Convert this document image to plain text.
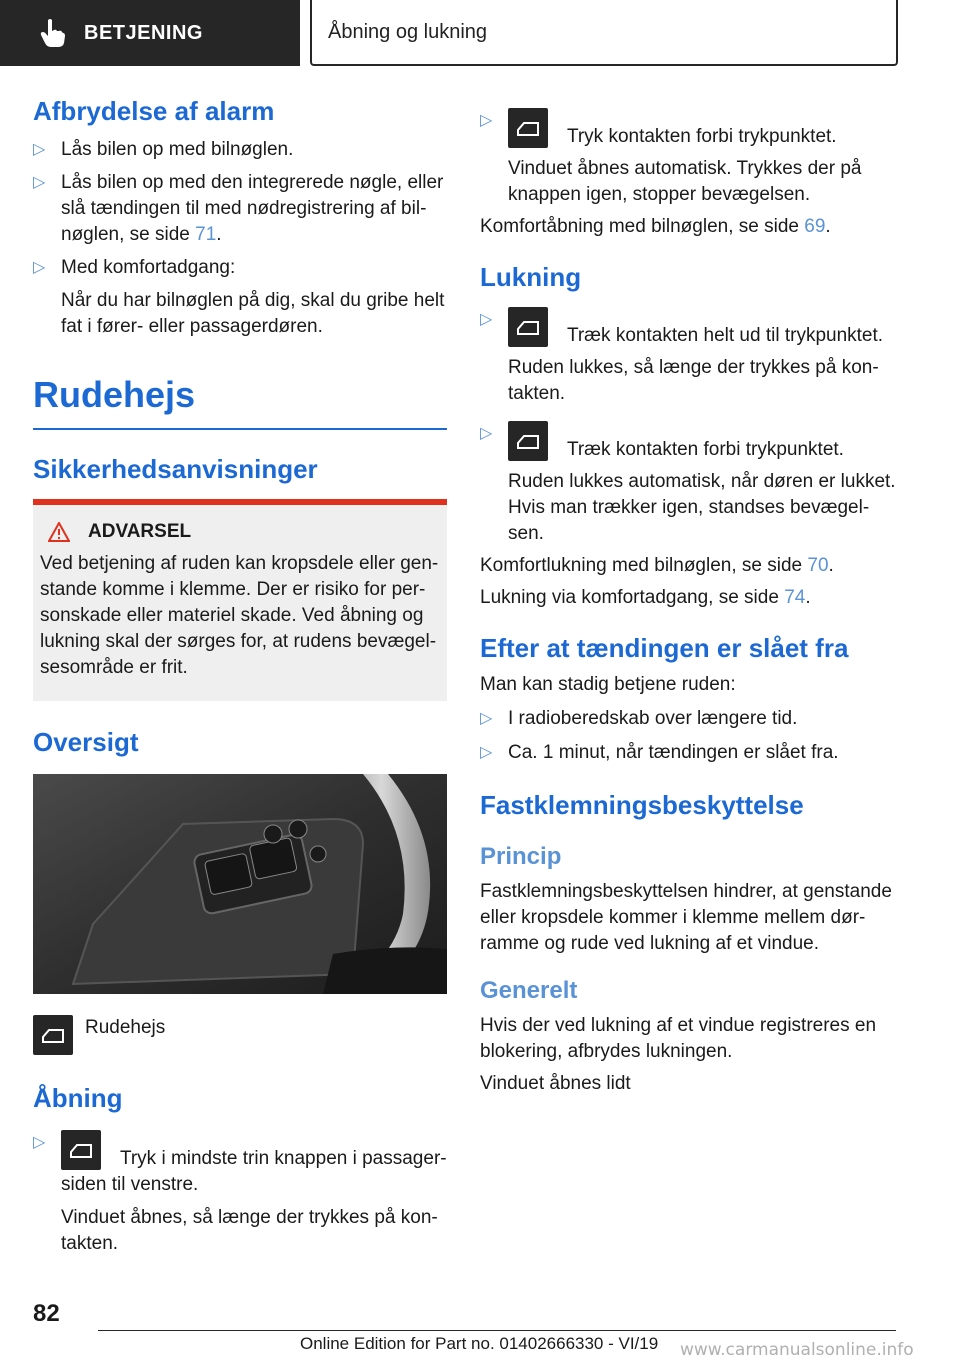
BETJENING	Åbning og lukning
Afbrydelse af alarm
▷ Lås bilen op med bilnøglen.
▷ Lås bilen op med den integrerede nøgle, eller slå tændingen til med nødregistrering af bil-nøglen, se side 71.
▷ Med komfortadgang:
Når du har bilnøglen på dig, skal du gribe helt fat i fører- eller passagerdøren.
Rudehejs
Sikkerhedsanvisninger
ADVARSEL

Ved betjening af ruden kan kropsdele eller gen-stande komme i klemme. Der er risiko for per-sonskade eller materiel skade. Ved åbning og lukning skal der sørges for, at rudens bevægel-sesområde er frit.

Oversigt
Rudehejs
Åbning
▷
Tryk i mindste trin knappen i passager-siden til venstre.
Vinduet åbnes, så længe der trykkes på kon-takten.
▷
Tryk kontakten forbi trykpunktet.
Vinduet åbnes automatisk. Trykkes der på knappen igen, stopper bevægelsen.

Komfortåbning med bilnøglen, se side 69.

Lukning
▷
Træk kontakten helt ud til trykpunktet.
Ruden lukkes, så længe der trykkes på kon-takten.
▷
Træk kontakten forbi trykpunktet.
Ruden lukkes automatisk, når døren er lukket. Hvis man trækker igen, standses bevægel-sen.

Komfortlukning med bilnøglen, se side 70.

Lukning via komfortadgang, se side 74.

Efter at tændingen er slået fra

Man kan stadig betjene ruden:

▷ I radioberedskab over længere tid.
▷ Ca. 1 minut, når tændingen er slået fra.
Fastklemningsbeskyttelse
Princip

Fastklemningsbeskyttelsen hindrer, at genstande eller kropsdele kommer i klemme mellem dør-ramme og rude ved lukning af et vindue.

Generelt

Hvis der ved lukning af et vindue registreres en blokering, afbrydes lukningen.

Vinduet åbnes lidt

82
Online Edition for Part no. 01402666330 - VI/19 www.carmanualsonline.info
